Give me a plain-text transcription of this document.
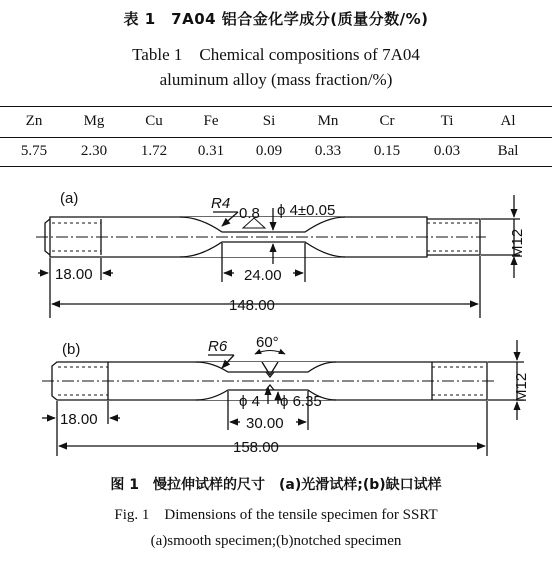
表 1　7A04 铝合金化学成分(质量分数/%)
Table 1　Chemical compositions of 7A04
aluminum alloy (mass fraction/%)
Zn	Mg	Cu	Fe	Si	Mn	Cr	Ti	Al
5.75	2.30	1.72	0.31	0.09	0.33	0.15	0.03	Bal
(a)	R4
0.8 ϕ 4±0.05
18.00	24.00
148.00
M12
(b)	R6 60°
ϕ 4 ϕ 6.35
18.00	30.00
158.00
M12
图 1　慢拉伸试样的尺寸　(a)光滑试样;(b)缺口试样
Fig. 1　Dimensions of the tensile specimen for SSRT
(a)smooth specimen;(b)notched specimen
